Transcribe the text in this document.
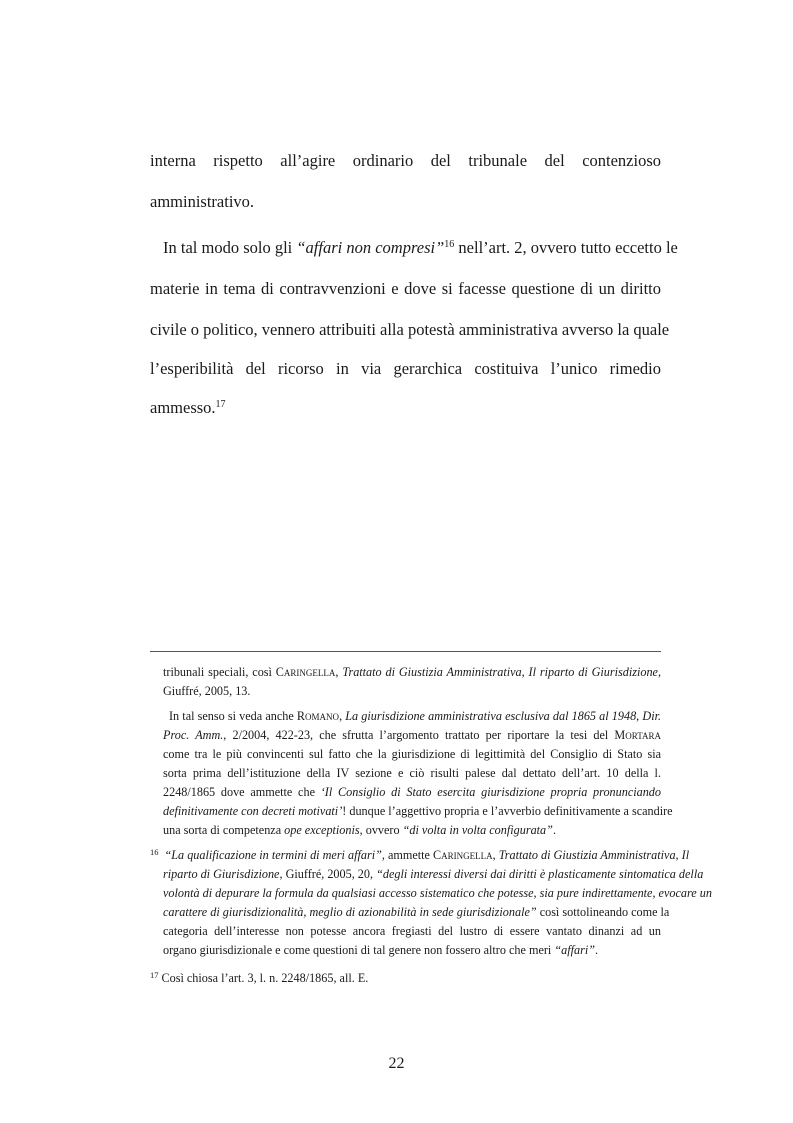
interna rispetto all’agire ordinario del tribunale del contenzioso
amministrativo.
In tal modo solo gli “affari non compresi”$^{16}$ nell’art. 2, ovvero tutto eccetto le
materie in tema di contravvenzioni e dove si facesse questione di un diritto
civile o politico, vennero attribuiti alla potestà amministrativa avverso la quale
l’esperibilità del ricorso in via gerarchica costituiva l’unico rimedio
ammesso.$^{17}$
tribunali speciali, così Caringella, Trattato di Giustizia Amministrativa, Il riparto di Giurisdizione,
Giuffré, 2005, 13.
In tal senso si veda anche Romano, La giurisdizione amministrativa esclusiva dal 1865 al 1948, Dir.
Proc. Amm., 2/2004, 422-23, che sfrutta l’argomento trattato per riportare la tesi del Mortara
come tra le più convincenti sul fatto che la giurisdizione di legittimità del Consiglio di Stato sia
sorta prima dell’istituzione della IV sezione e ciò risulti palese dal dettato dell’art. 10 della l.
2248/1865 dove ammette che ‘Il Consiglio di Stato esercita giurisdizione propria pronunciando
definitivamente con decreti motivati’! dunque l’aggettivo propria e l’avverbio definitivamente a scandire
una sorta di competenza ope exceptionis, ovvero “di volta in volta configurata”.
$^{16}$ “La qualificazione in termini di meri affari”, ammette Caringella, Trattato di Giustizia Amministrativa, Il
riparto di Giurisdizione, Giuffré, 2005, 20, “degli interessi diversi dai diritti è plasticamente sintomatica della
volontà di depurare la formula da qualsiasi accesso sistematico che potesse, sia pure indirettamente, evocare un
carattere di giurisdizionalità, meglio di azionabilità in sede giurisdizionale” così sottolineando come la
categoria dell’interesse non potesse ancora fregiasti del lustro di essere vantato dinanzi ad un
organo giurisdizionale e come questioni di tal genere non fossero altro che meri “affari”.
$^{17}$ Così chiosa l’art. 3, l. n. 2248/1865, all. E.
22
